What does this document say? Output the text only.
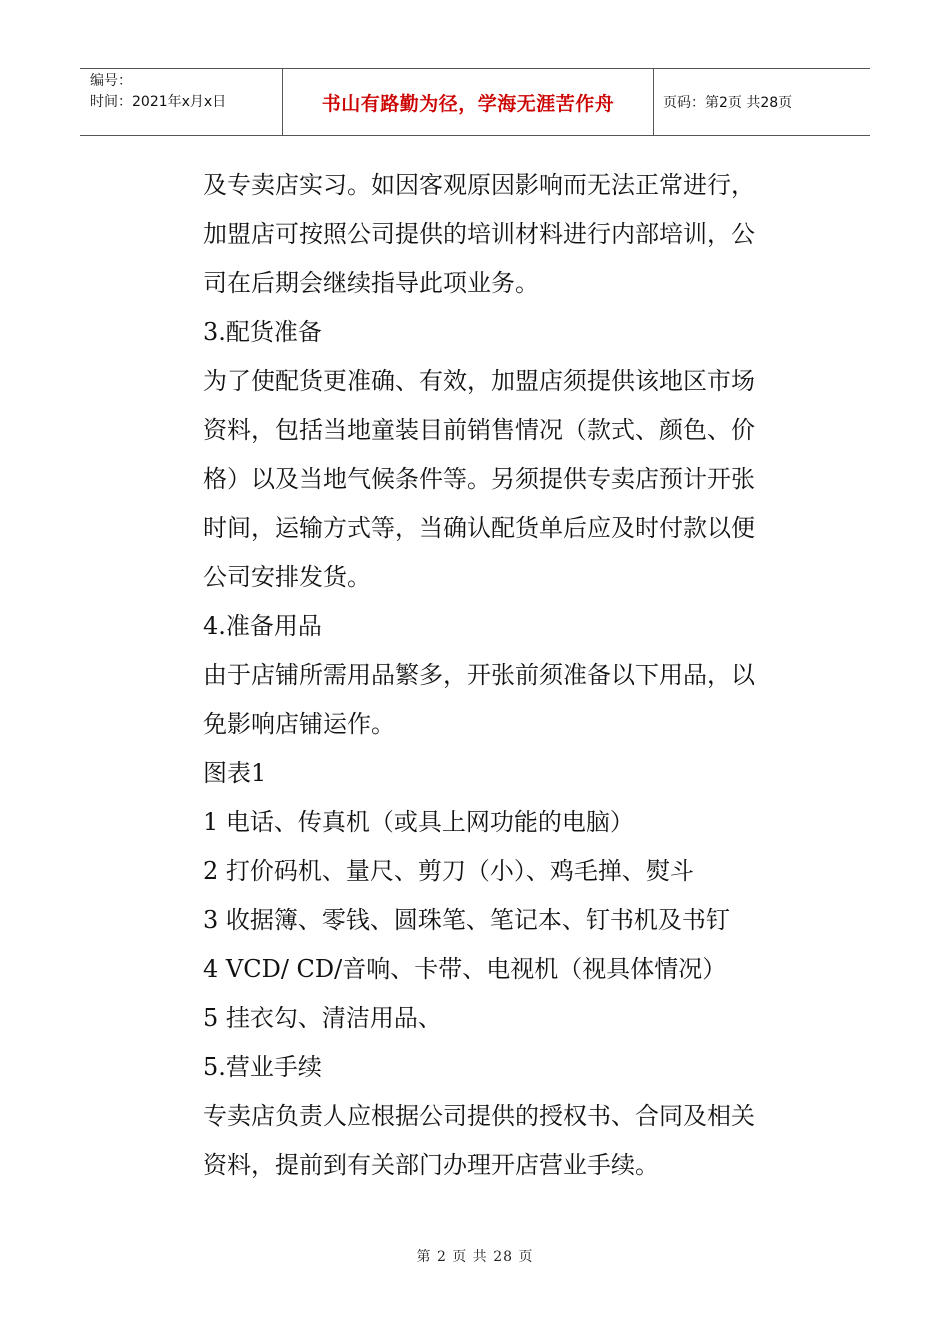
编号：
时间：2021年x月x日	书山有路勤为径，学海无涯苦作舟	页码：第2页 共28页

及专卖店实习。如因客观原因影响而无法正常进行，

加盟店可按照公司提供的培训材料进行内部培训，公

司在后期会继续指导此项业务。

3.配货准备

为了使配货更准确、有效，加盟店须提供该地区市场

资料，包括当地童装目前销售情况（款式、颜色、价

格）以及当地气候条件等。另须提供专卖店预计开张

时间，运输方式等，当确认配货单后应及时付款以便

公司安排发货。

4.准备用品

由于店铺所需用品繁多，开张前须准备以下用品，以

免影响店铺运作。

图表1

1 电话、传真机（或具上网功能的电脑）

2 打价码机、量尺、剪刀（小）、鸡毛掸、熨斗

3 收据簿、零钱、圆珠笔、笔记本、钉书机及书钉

4 VCD/ CD/音响、卡带、电视机（视具体情况）

5 挂衣勾、清洁用品、

5.营业手续

专卖店负责人应根据公司提供的授权书、合同及相关

资料，提前到有关部门办理开店营业手续。

第 2 页 共 28 页
